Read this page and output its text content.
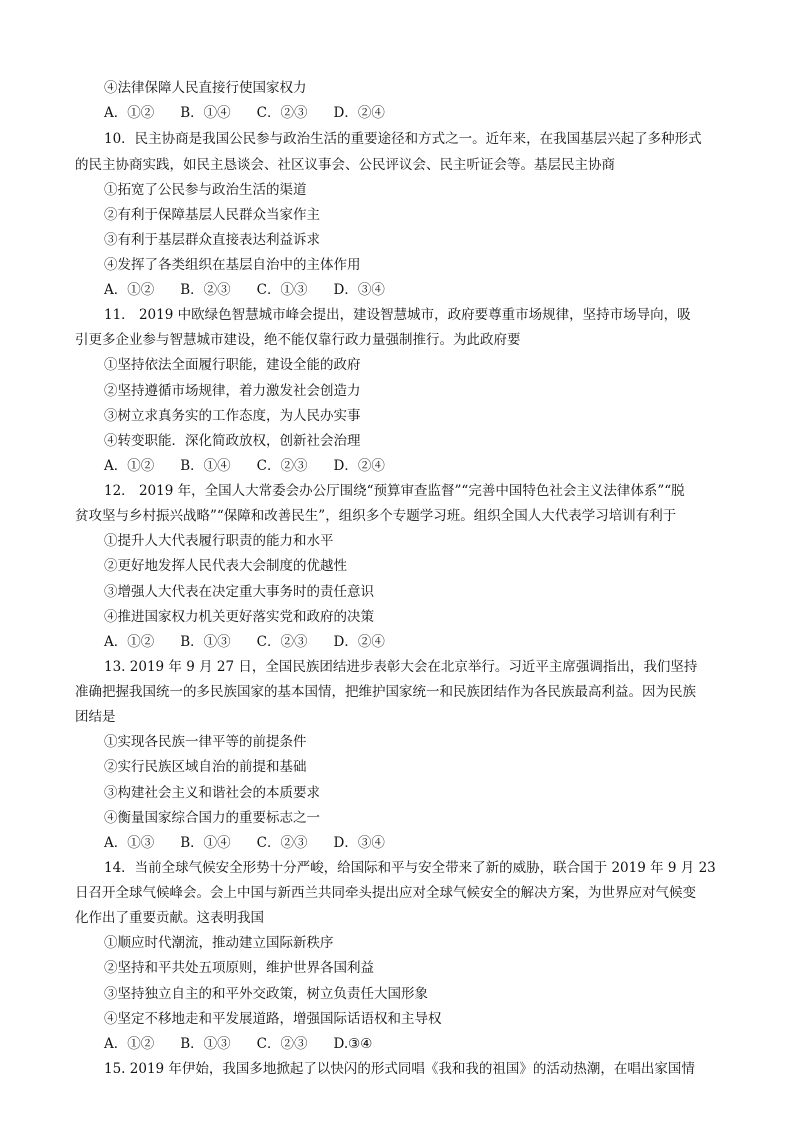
④法律保障人民直接行使国家权力
A．①② B．①④ C．②③ D．②④
10．民主协商是我国公民参与政治生活的重要途径和方式之一。近年来，在我国基层兴起了多种形式
的民主协商实践，如民主恳谈会、社区议事会、公民评议会、民主听证会等。基层民主协商
①拓宽了公民参与政治生活的渠道
②有利于保障基层人民群众当家作主
③有利于基层群众直接表达利益诉求
④发挥了各类组织在基层自治中的主体作用
A．①② B．②③ C．①③ D．③④
11． 2019 中欧绿色智慧城市峰会提出，建设智慧城市，政府要尊重市场规律，坚持市场导向，吸
引更多企业参与智慧城市建设，绝不能仅靠行政力量强制推行。为此政府要
①坚持依法全面履行职能，建设全能的政府
②坚持遵循市场规律，着力激发社会创造力
③树立求真务实的工作态度，为人民办实事
④转变职能．深化简政放权，创新社会治理
A．①② B．①④ C．②③ D．②④
12． 2019 年，全国人大常委会办公厅围绕“预算审查监督”“完善中国特色社会主义法律体系”“脱
贫攻坚与乡村振兴战略”“保障和改善民生”，组织多个专题学习班。组织全国人大代表学习培训有利于
①提升人大代表履行职责的能力和水平
②更好地发挥人民代表大会制度的优越性
③增强人大代表在决定重大事务时的责任意识
④推进国家权力机关更好落实党和政府的决策
A．①② B．①③ C．②③ D．②④
13. 2019 年 9 月 27 日，全国民族团结进步表彰大会在北京举行。习近平主席强调指出，我们坚持
准确把握我国统一的多民族国家的基本国情，把维护国家统一和民族团结作为各民族最高利益。因为民族
团结是
①实现各民族一律平等的前提条件
②实行民族区域自治的前提和基础
③构建社会主义和谐社会的本质要求
④衡量国家综合国力的重要标志之一
A．①③ B．①④ C．②③ D．③④
14．当前全球气候安全形势十分严峻，给国际和平与安全带来了新的威胁，联合国于 2019 年 9 月 23
日召开全球气候峰会。会上中国与新西兰共同牵头提出应对全球气候安全的解决方案，为世界应对气候变
化作出了重要贡献。这表明我国
①顺应时代潮流，推动建立国际新秩序
②坚持和平共处五项原则，维护世界各国利益
③坚持独立自主的和平外交政策，树立负责任大国形象
④坚定不移地走和平发展道路，增强国际话语权和主导权
A．①② B．①③ C．②③ D.③④
15. 2019 年伊始，我国多地掀起了以快闪的形式同唱《我和我的祖国》的活动热潮，在唱出家国情
